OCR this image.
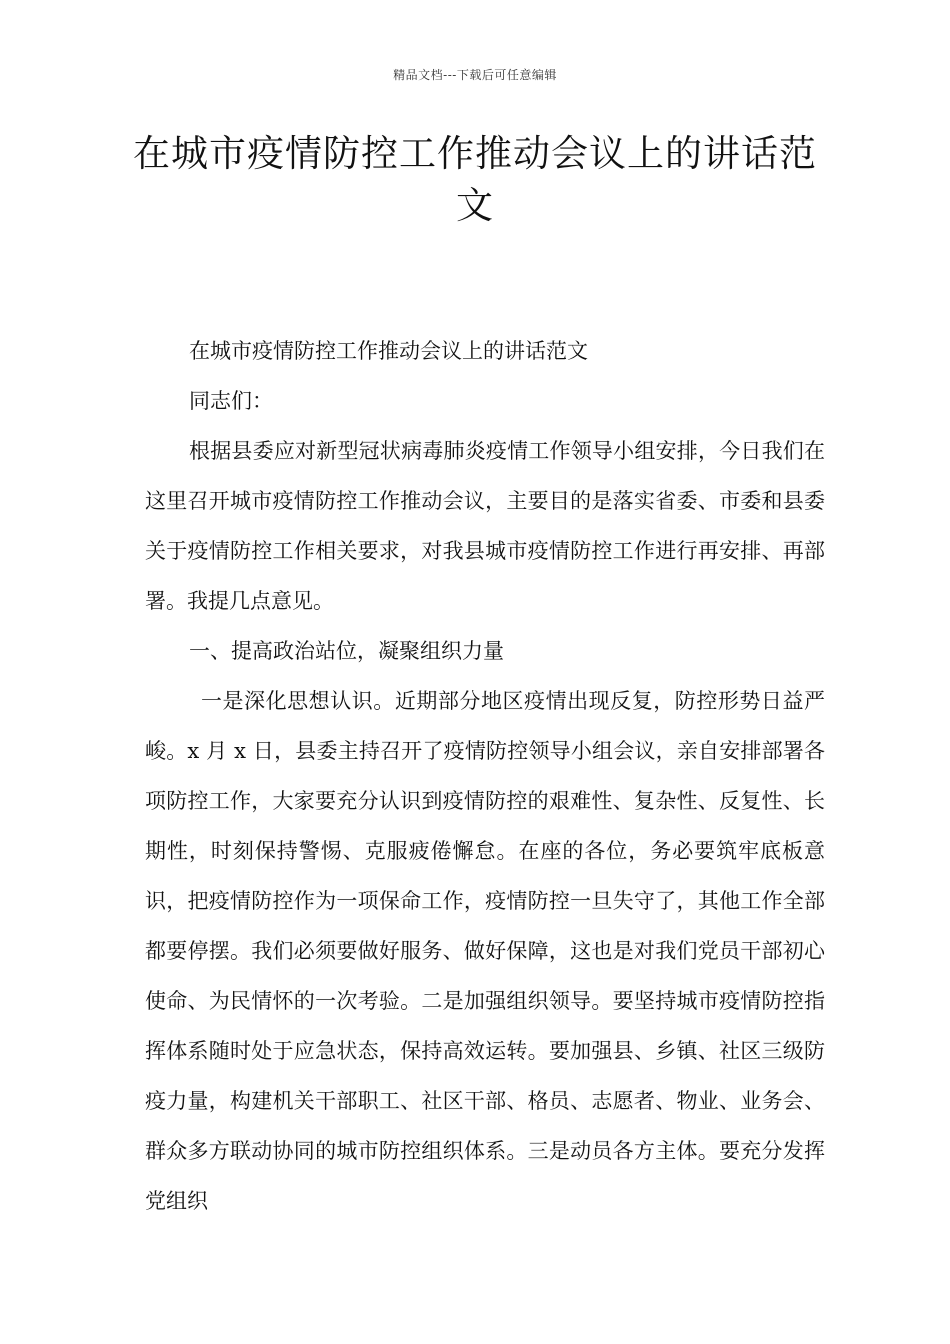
精品文档---下载后可任意编辑
在城市疫情防控工作推动会议上的讲话范文

在城市疫情防控工作推动会议上的讲话范文

同志们：

根据县委应对新型冠状病毒肺炎疫情工作领导小组安排，今日我们在这里召开城市疫情防控工作推动会议，主要目的是落实省委、市委和县委关于疫情防控工作相关要求，对我县城市疫情防控工作进行再安排、再部署。我提几点意见。

一、提高政治站位，凝聚组织力量

一是深化思想认识。近期部分地区疫情出现反复，防控形势日益严峻。x 月 x 日，县委主持召开了疫情防控领导小组会议，亲自安排部署各项防控工作，大家要充分认识到疫情防控的艰难性、复杂性、反复性、长期性，时刻保持警惕、克服疲倦懈怠。在座的各位，务必要筑牢底板意识，把疫情防控作为一项保命工作，疫情防控一旦失守了，其他工作全部都要停摆。我们必须要做好服务、做好保障，这也是对我们党员干部初心使命、为民情怀的一次考验。二是加强组织领导。要坚持城市疫情防控指挥体系随时处于应急状态，保持高效运转。要加强县、乡镇、社区三级防疫力量，构建机关干部职工、社区干部、格员、志愿者、物业、业务会、群众多方联动协同的城市防控组织体系。三是动员各方主体。要充分发挥党组织
